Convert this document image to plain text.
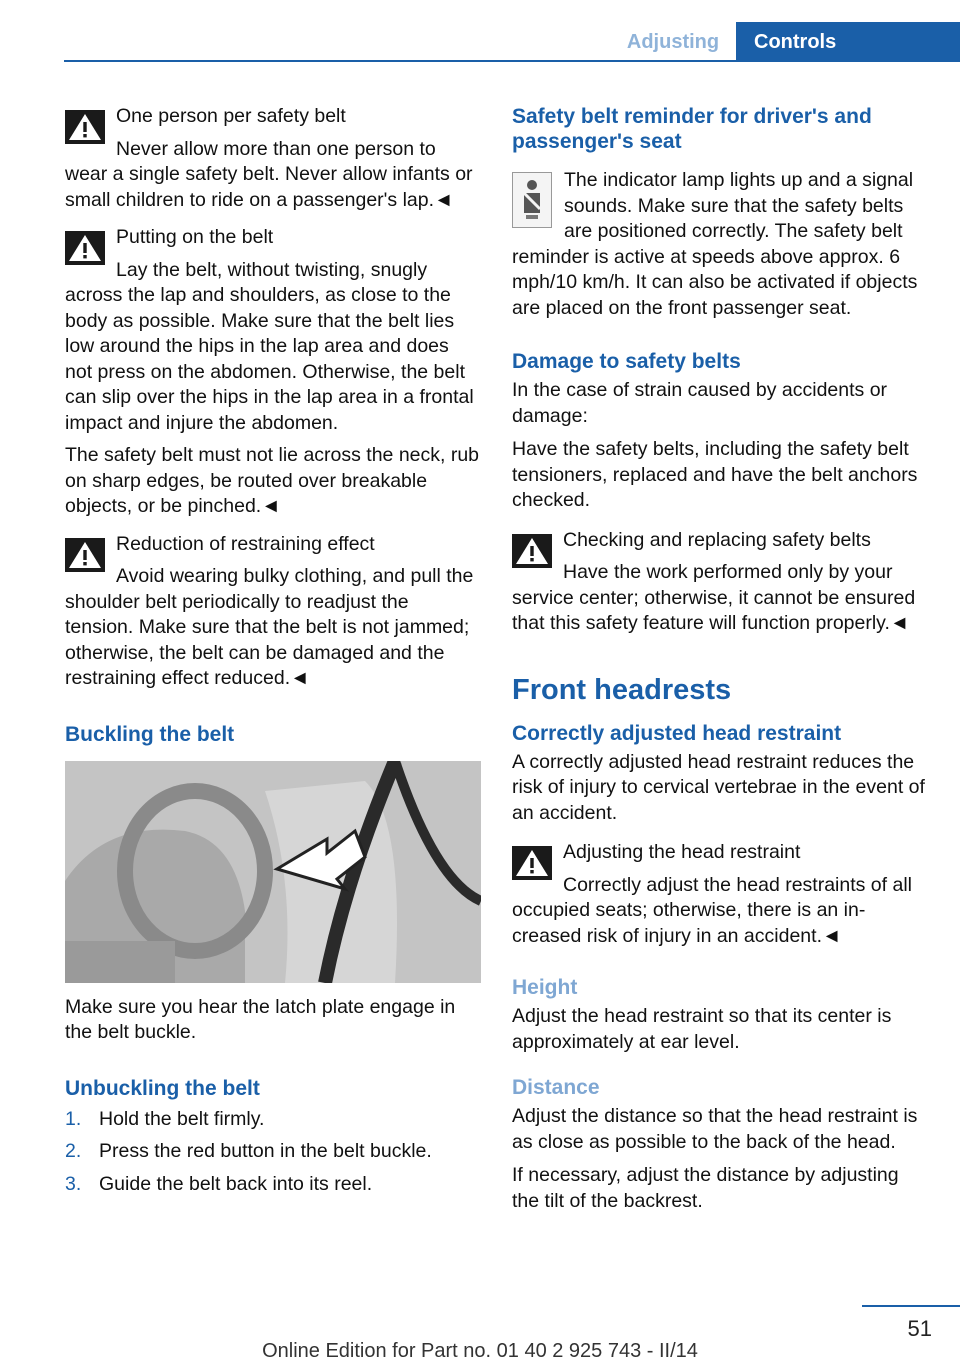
Adjusting	Controls
One person per safety belt
Never allow more than one person to wear a single safety belt. Never allow infants or small children to ride on a passenger's lap.◄
Putting on the belt
Lay the belt, without twisting, snugly across the lap and shoulders, as close to the body as possible. Make sure that the belt lies low around the hips in the lap area and does not press on the abdomen. Otherwise, the belt can slip over the hips in the lap area in a frontal impact and injure the abdomen.

The safety belt must not lie across the neck, rub on sharp edges, be routed over breakable objects, or be pinched.◄

Reduction of restraining effect
Avoid wearing bulky clothing, and pull the shoulder belt periodically to readjust the tension. Make sure that the belt is not jammed; otherwise, the belt can be damaged and the restraining effect reduced.◄
Buckling the belt

Make sure you hear the latch plate engage in the belt buckle.

Unbuckling the belt
1. Hold the belt firmly.
2. Press the red button in the belt buckle.
3. Guide the belt back into its reel.
Safety belt reminder for driver's and passenger's seat
The indicator lamp lights up and a signal sounds. Make sure that the safety belts are positioned correctly. The safety belt reminder is active at speeds above approx. 6 mph/10 km/h. It can also be activated if objects are placed on the front passenger seat.
Damage to safety belts

In the case of strain caused by accidents or damage:

Have the safety belts, including the safety belt tensioners, replaced and have the belt anchors checked.

Checking and replacing safety belts
Have the work performed only by your service center; otherwise, it cannot be ensured that this safety feature will function properly.◄
Front headrests
Correctly adjusted head restraint

A correctly adjusted head restraint reduces the risk of injury to cervical vertebrae in the event of an accident.

Adjusting the head restraint
Correctly adjust the head restraints of all occupied seats; otherwise, there is an increased risk of injury in an accident.◄
Height

Adjust the head restraint so that its center is approximately at ear level.

Distance

Adjust the distance so that the head restraint is as close as possible to the back of the head.

If necessary, adjust the distance by adjusting the tilt of the backrest.

51
Online Edition for Part no. 01 40 2 925 743 - II/14
